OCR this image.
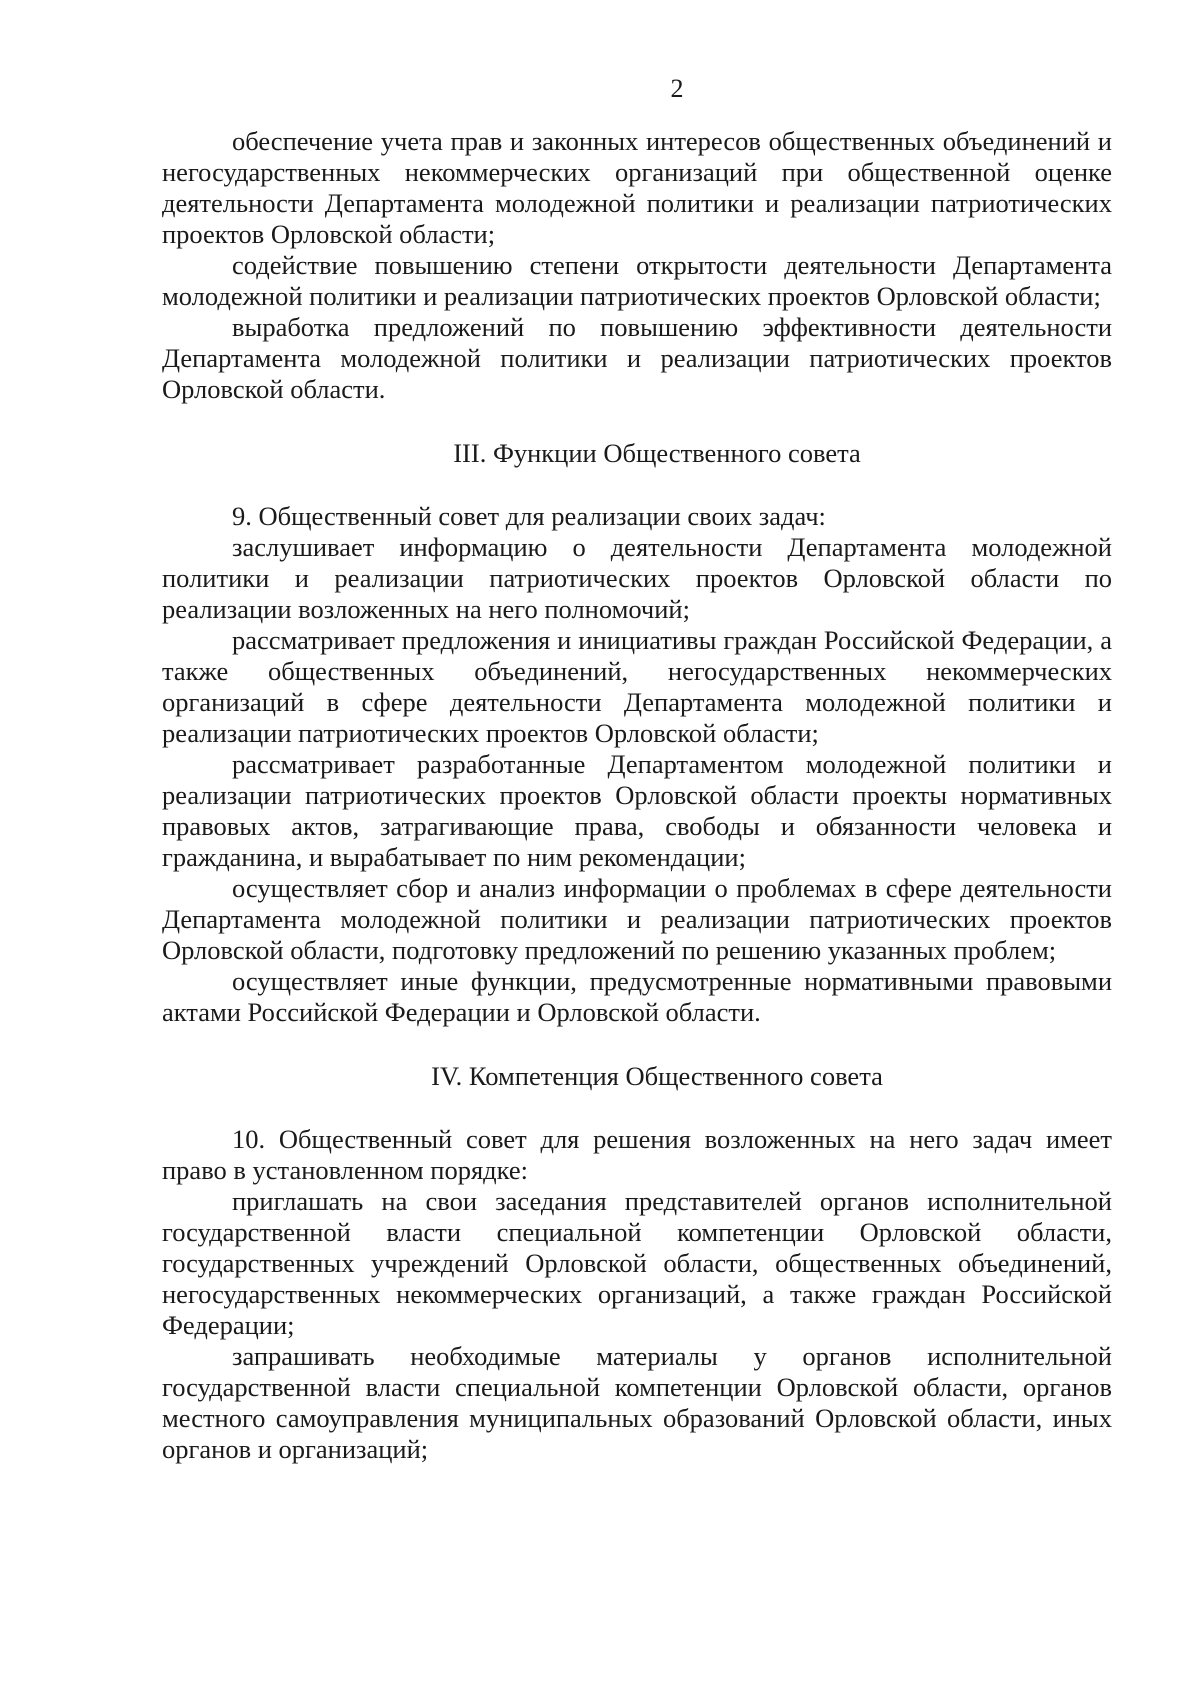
2

обеспечение учета прав и законных интересов общественных объединений и негосударственных некоммерческих организаций при общественной оценке деятельности Департамента молодежной политики и реализации патриотических проектов Орловской области;

содействие повышению степени открытости деятельности Департамента молодежной политики и реализации патриотических проектов Орловской области;

выработка предложений по повышению эффективности деятельности Департамента молодежной политики и реализации патриотических проектов Орловской области.

III. Функции Общественного совета

9. Общественный совет для реализации своих задач:

заслушивает информацию о деятельности Департамента молодежной политики и реализации патриотических проектов Орловской области по реализации возложенных на него полномочий;

рассматривает предложения и инициативы граждан Российской Федерации, а также общественных объединений, негосударственных некоммерческих организаций в сфере деятельности Департамента молодежной политики и реализации патриотических проектов Орловской области;

рассматривает разработанные Департаментом молодежной политики и реализации патриотических проектов Орловской области проекты нормативных правовых актов, затрагивающие права, свободы и обязанности человека и гражданина, и вырабатывает по ним рекомендации;

осуществляет сбор и анализ информации о проблемах в сфере деятельности Департамента молодежной политики и реализации патриотических проектов Орловской области, подготовку предложений по решению указанных проблем;

осуществляет иные функции, предусмотренные нормативными правовыми актами Российской Федерации и Орловской области.

IV. Компетенция Общественного совета

10. Общественный совет для решения возложенных на него задач имеет право в установленном порядке:

приглашать на свои заседания представителей органов исполнительной государственной власти специальной компетенции Орловской области, государственных учреждений Орловской области, общественных объединений, негосударственных некоммерческих организаций, а также граждан Российской Федерации;

запрашивать необходимые материалы у органов исполнительной государственной власти специальной компетенции Орловской области, органов местного самоуправления муниципальных образований Орловской области, иных органов и организаций;
